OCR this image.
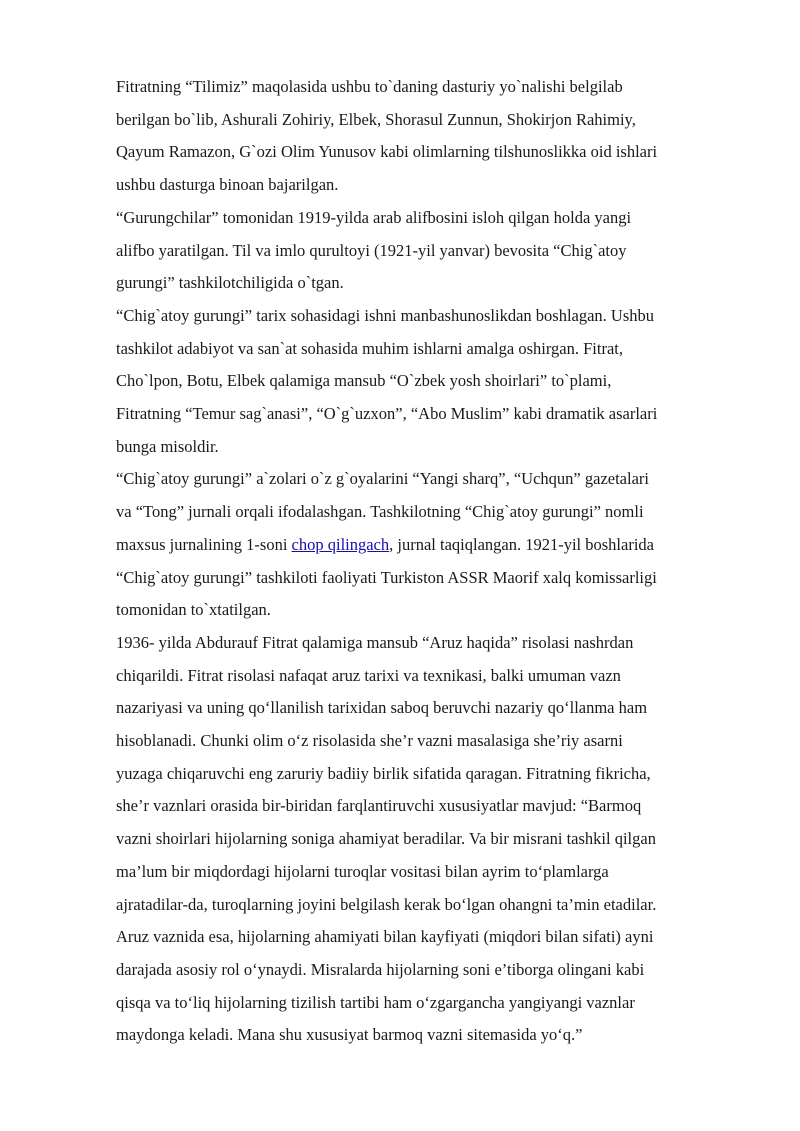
Fitratning “Tilimiz” maqolasida ushbu to`daning dasturiy yo`nalishi belgilab
berilgan bo`lib, Ashurali Zohiriy, Elbek, Shorasul Zunnun, Shokirjon Rahimiy,
Qayum Ramazon, G`ozi Olim Yunusov kabi olimlarning tilshunoslikka oid ishlari
ushbu dasturga binoan bajarilgan.
“Gurungchilar” tomonidan 1919-yilda arab alifbosini isloh qilgan holda yangi
alifbo yaratilgan. Til va imlo qurultoyi (1921-yil yanvar) bevosita “Chig`atoy
gurungi” tashkilotchiligida o`tgan.
“Chig`atoy gurungi” tarix sohasidagi ishni manbashunoslikdan boshlagan. Ushbu
tashkilot adabiyot va san`at sohasida muhim ishlarni amalga oshirgan. Fitrat,
Cho`lpon, Botu, Elbek qalamiga mansub “O`zbek yosh shoirlari” to`plami,
Fitratning “Temur sag`anasi”, “O`g`uzxon”, “Abo Muslim” kabi dramatik asarlari
bunga misoldir.
“Chig`atoy gurungi” a`zolari o`z g`oyalarini “Yangi sharq”, “Uchqun” gazetalari
va “Tong” jurnali orqali ifodalashgan. Tashkilotning “Chig`atoy gurungi” nomli
maxsus jurnalining 1-soni chop qilingach, jurnal taqiqlangan. 1921-yil boshlarida
“Chig`atoy gurungi” tashkiloti faoliyati Turkiston ASSR Maorif xalq komissarligi
tomonidan to`xtatilgan.
1936- yilda Abdurauf Fitrat qalamiga mansub “Aruz haqida” risolasi nashrdan
chiqarildi. Fitrat risolasi nafaqat aruz tarixi va texnikasi, balki umuman vazn
nazariyasi va uning qo‘llanilish tarixidan saboq beruvchi nazariy qo‘llanma ham
hisoblanadi. Chunki olim o‘z risolasida she’r vazni masalasiga she’riy asarni
yuzaga chiqaruvchi eng zaruriy badiiy birlik sifatida qaragan. Fitratning fikricha,
she’r vaznlari orasida bir-biridan farqlantiruvchi xususiyatlar mavjud: “Barmoq
vazni shoirlari hijolarning soniga ahamiyat beradilar. Va bir misrani tashkil qilgan
ma’lum bir miqdordagi hijolarni turoqlar vositasi bilan ayrim to‘plamlarga
ajratadilar-da, turoqlarning joyini belgilash kerak bo‘lgan ohangni ta’min etadilar.
Aruz vaznida esa, hijolarning ahamiyati bilan kayfiyati (miqdori bilan sifati) ayni
darajada asosiy rol o‘ynaydi. Misralarda hijolarning soni e’tiborga olingani kabi
qisqa va to‘liq hijolarning tizilish tartibi ham o‘zgargancha yangiyangi vaznlar
maydonga keladi. Mana shu xususiyat barmoq vazni sitemasida yo‘q.”
